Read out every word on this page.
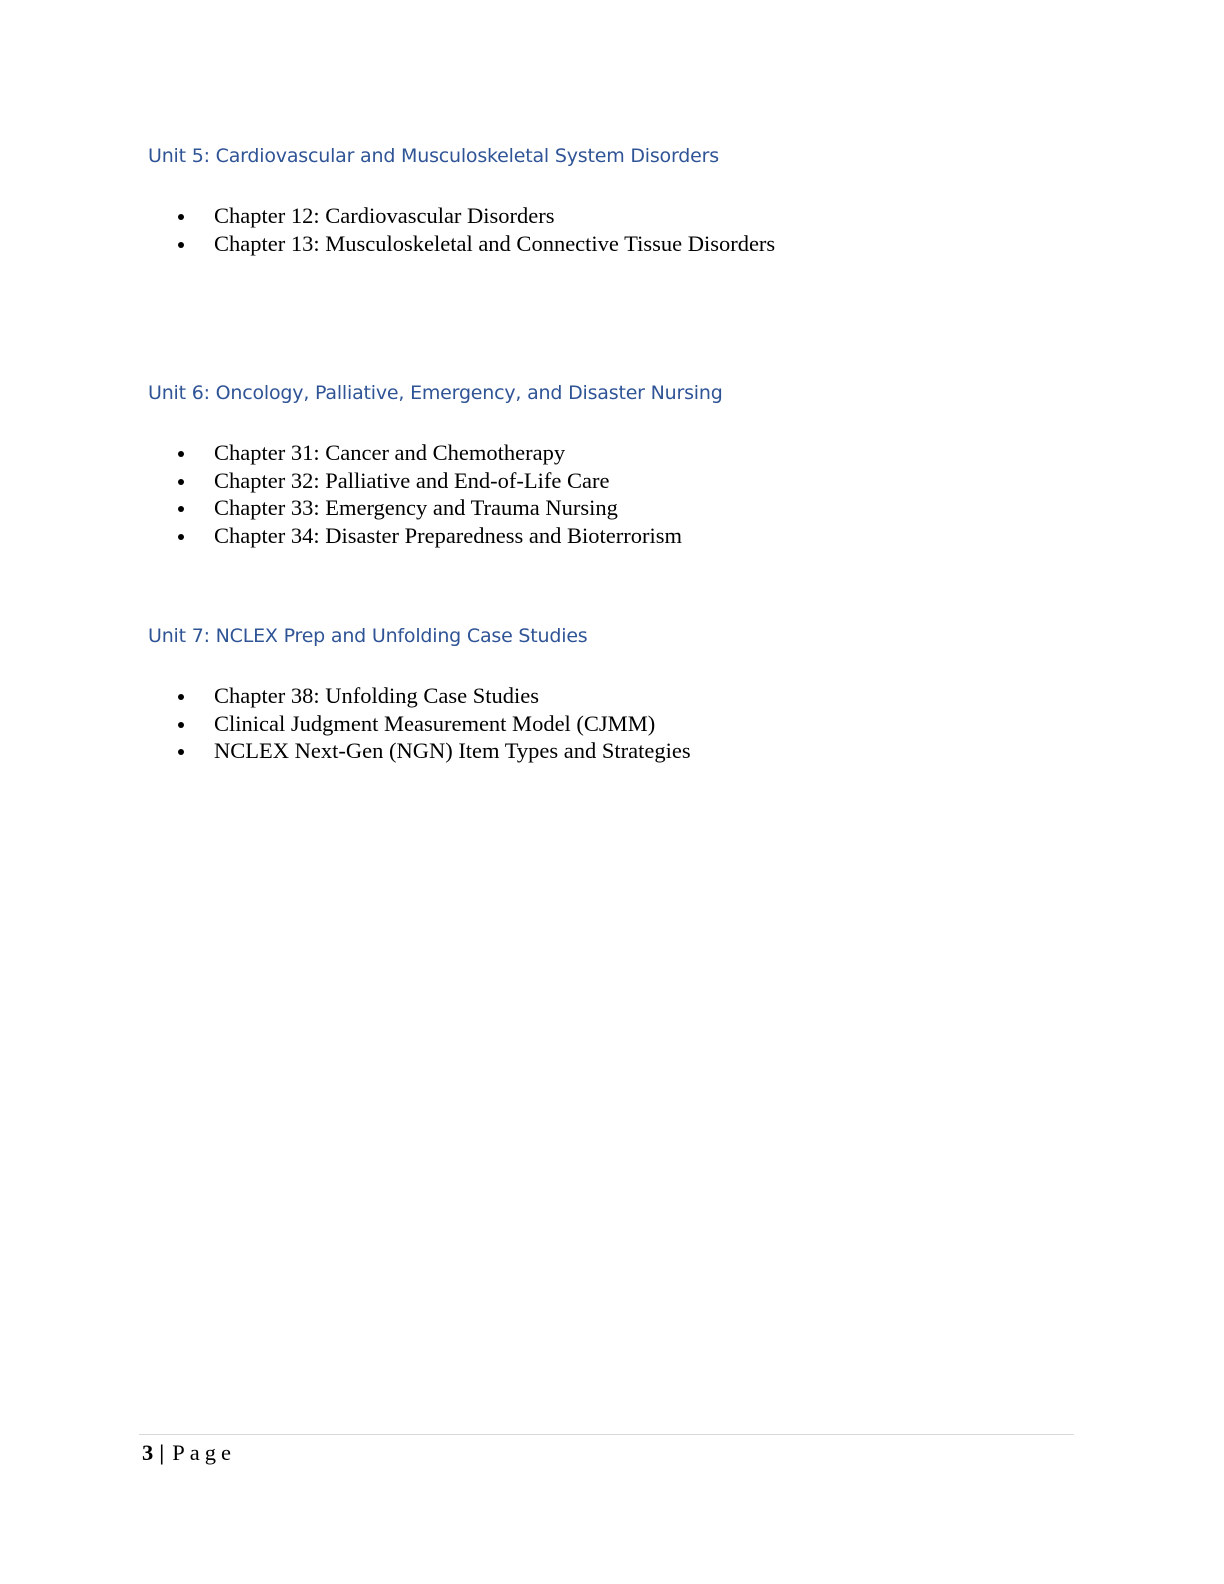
Unit 5: Cardiovascular and Musculoskeletal System Disorders
Chapter 12: Cardiovascular Disorders
Chapter 13: Musculoskeletal and Connective Tissue Disorders
Unit 6: Oncology, Palliative, Emergency, and Disaster Nursing
Chapter 31: Cancer and Chemotherapy
Chapter 32: Palliative and End-of-Life Care
Chapter 33: Emergency and Trauma Nursing
Chapter 34: Disaster Preparedness and Bioterrorism
Unit 7: NCLEX Prep and Unfolding Case Studies
Chapter 38: Unfolding Case Studies
Clinical Judgment Measurement Model (CJMM)
NCLEX Next-Gen (NGN) Item Types and Strategies
3 | Page
